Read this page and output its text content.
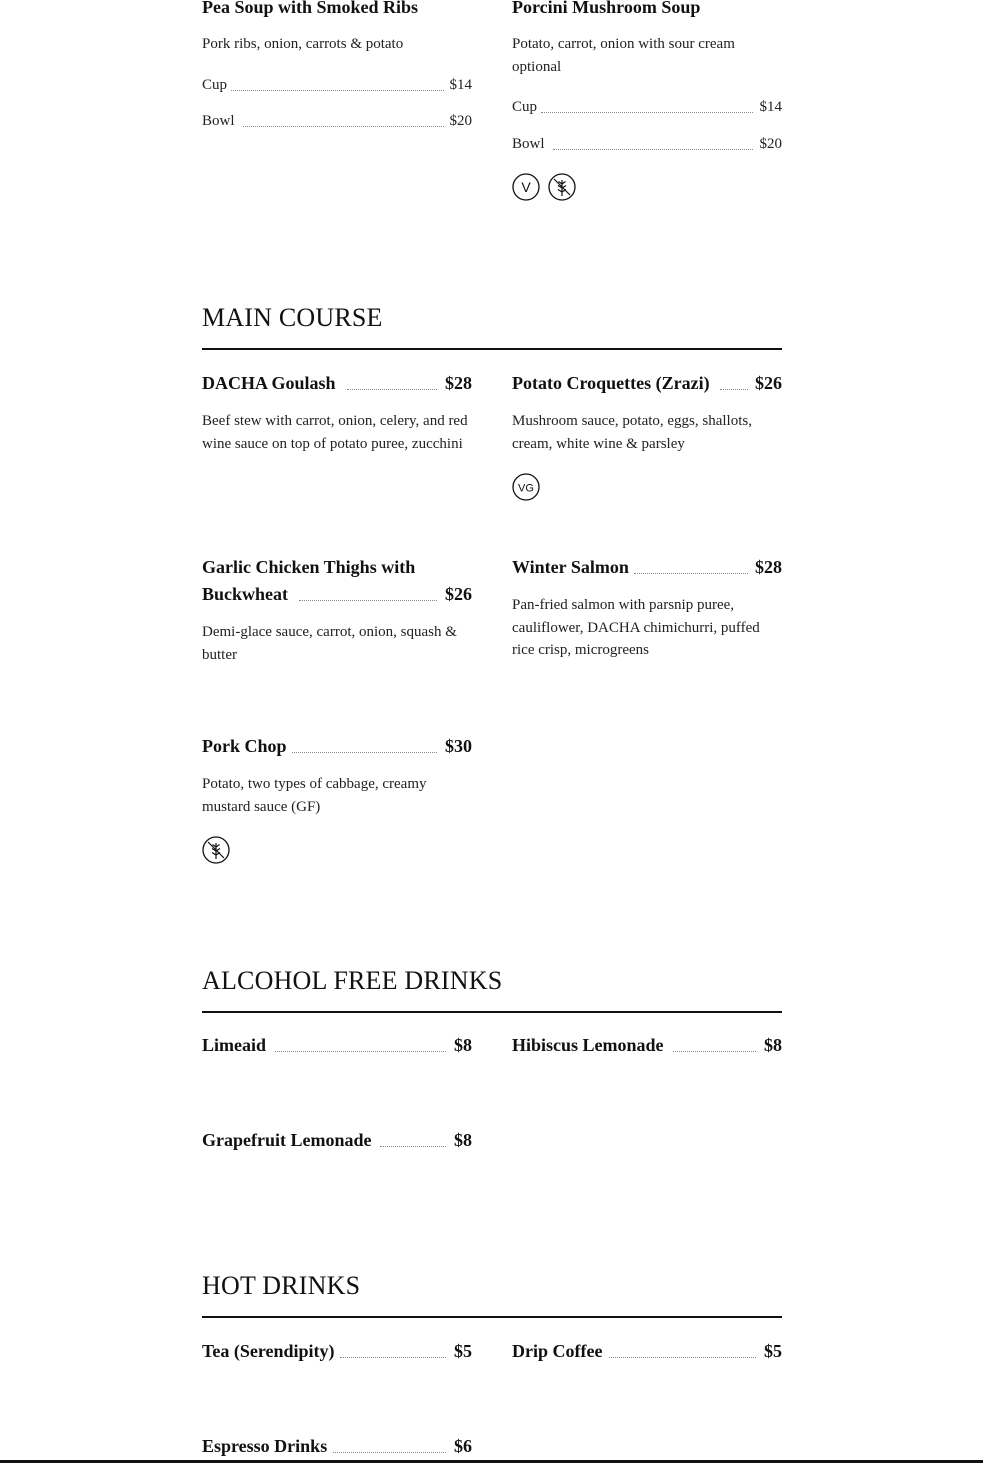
Pea Soup with Smoked Ribs
Pork ribs, onion, carrots & potato
Cup	$14
Bowl	$20
Porcini Mushroom Soup
Potato, carrot, onion with sour cream
optional
Cup	$14
Bowl	$20
V
MAIN COURSE
DACHA Goulash	$28
Beef stew with carrot, onion, celery, and red
wine sauce on top of potato puree, zucchini
Potato Croquettes (Zrazi)	$26
Mushroom sauce, potato, eggs, shallots,
cream, white wine & parsley
VG
Garlic Chicken Thighs with
Buckwheat	$26
Demi-glace sauce, carrot, onion, squash &
butter
Winter Salmon	$28
Pan-fried salmon with parsnip puree,
cauliflower, DACHA chimichurri, puffed
rice crisp, microgreens
Pork Chop	$30
Potato, two types of cabbage, creamy
mustard sauce (GF)
ALCOHOL FREE DRINKS
Limeaid	$8 Hibiscus Lemonade	$8
Grapefruit Lemonade	$8
HOT DRINKS
Tea (Serendipity)	$5 Drip Coffee	$5
Espresso Drinks	$6
